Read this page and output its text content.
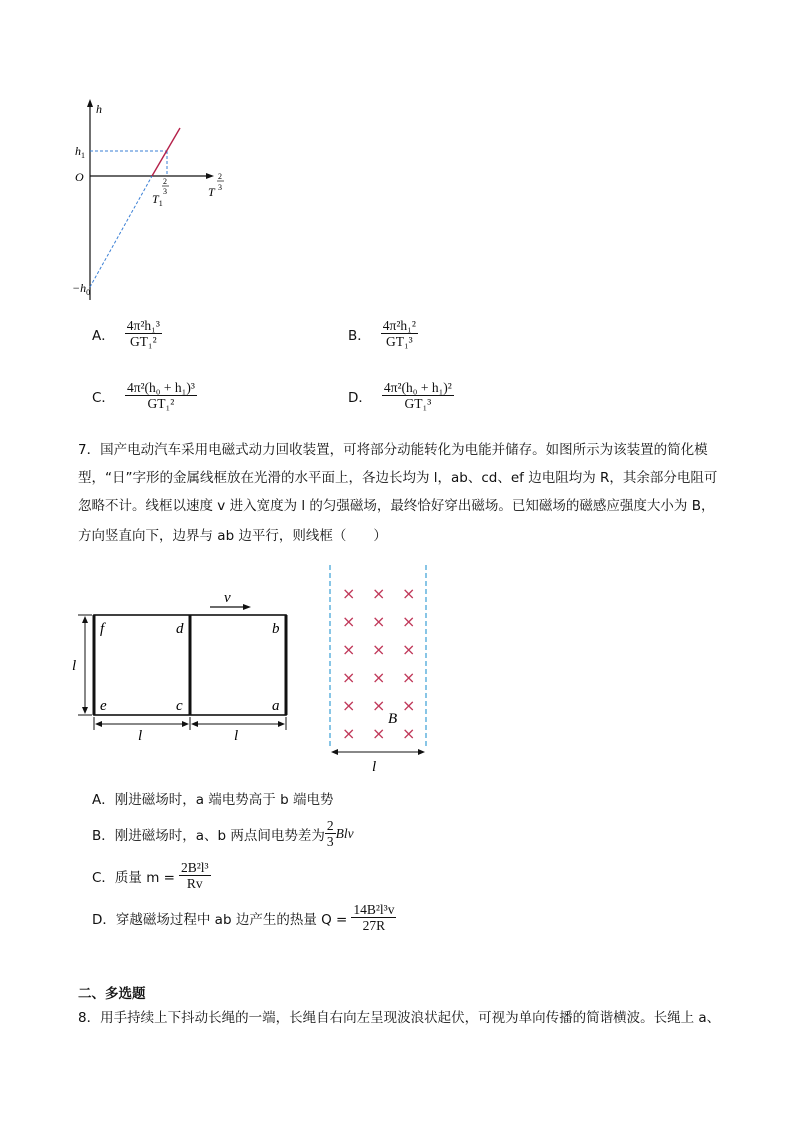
h
$h_1$
O
$T_1$
2
3	T
2
3
$-h_0$
A． $\frac{\text{4π²h₁³}}{\text{GT₁²}}$	B． $\frac{\text{4π²h₁²}}{\text{GT₁³}}$
C． $\frac{\text{4π²(h₀ + h₁)³}}{\text{GT₁²}}$	D． $\frac{\text{4π²(h₀ + h₁)²}}{\text{GT₁³}}$
7．国产电动汽车采用电磁式动力回收装置，可将部分动能转化为电能并储存。如图所示为该装置的简化模
型，“日”字形的金属线框放在光滑的水平面上，各边长均为 l，ab、cd、ef 边电阻均为 R，其余部分电阻可
忽略不计。线框以速度 v 进入宽度为 l 的匀强磁场，最终恰好穿出磁场。已知磁场的磁感应强度大小为 B，
方向竖直向下，边界与 ab 边平行，则线框（　　）
v
f	d	b
e	c	a
l
l	l
× × ×
× × ×
× × ×
× × ×
× × ×
× × ×
B
l
A．刚进磁场时，a 端电势高于 b 端电势
B．刚进磁场时，a、b 两点间电势差为 $\frac{2}{3}$ Blv
C．质量 $m = \frac{\text{2B²l³}}{Rv}$
D．穿越磁场过程中 ab 边产生的热量 $Q = \frac{\text{14B²l³v}}{27R}$
二、多选题
8．用手持续上下抖动长绳的一端，长绳自右向左呈现波浪状起伏，可视为单向传播的简谐横波。长绳上 a、
